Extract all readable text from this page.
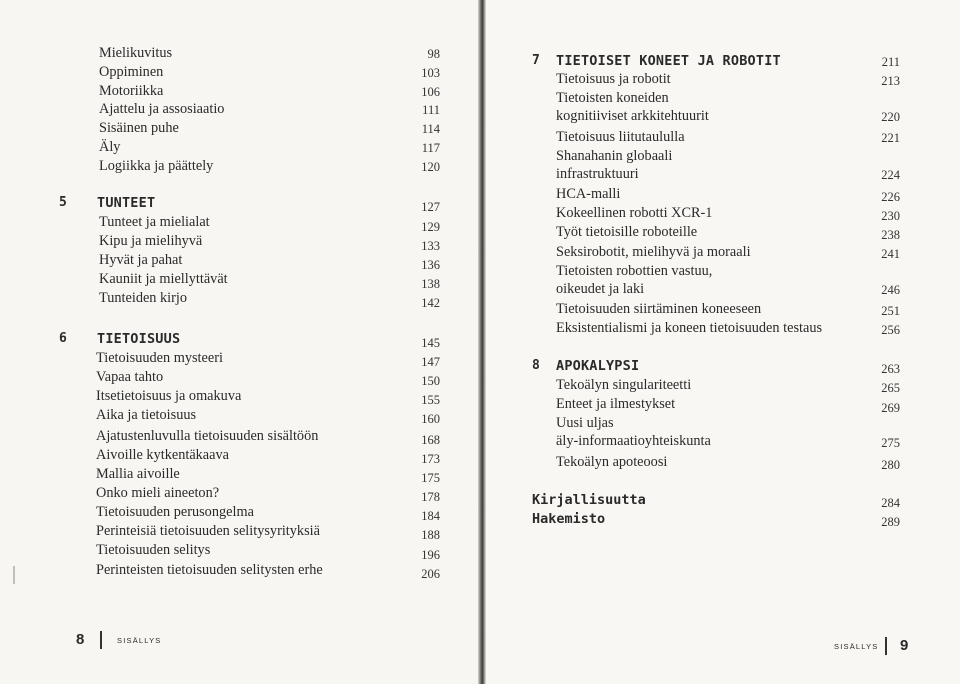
Mielikuvitus	98
Oppiminen	103
Motoriikka	106
Ajattelu ja assosiaatio	111
Sisäinen puhe	114
Äly	117
Logiikka ja päättely	120
5 TUNTEET	127
Tunteet ja mielialat	129
Kipu ja mielihyvä	133
Hyvät ja pahat	136
Kauniit ja miellyttävät	138
Tunteiden kirjo	142
6 TIETOISUUS	145
Tietoisuuden mysteeri	147
Vapaa tahto	150
Itsetietoisuus ja omakuva	155
Aika ja tietoisuus	160
Ajatustenluvulla tietoisuuden sisältöön	168
Aivoille kytkentäkaava	173
Mallia aivoille	175
Onko mieli aineeton?	178
Tietoisuuden perusongelma	184
Perinteisiä tietoisuuden selitysyrityksiä	188
Tietoisuuden selitys	196
Perinteisten tietoisuuden selitysten erhe	206
8	SISÄLLYS
7 TIETOISET KONEET JA ROBOTIT	211
Tietoisuus ja robotit	213
Tietoisten koneiden
kognitiiviset arkkitehtuurit	220
Tietoisuus liitutaululla	221
Shanahanin globaali
infrastruktuuri	224
HCA-malli	226
Kokeellinen robotti XCR-1	230
Työt tietoisille roboteille	238
Seksirobotit, mielihyvä ja moraali	241
Tietoisten robottien vastuu,
oikeudet ja laki	246
Tietoisuuden siirtäminen koneeseen	251
Eksistentialismi ja koneen tietoisuuden testaus	256
8 APOKALYPSI	263
Tekoälyn singulariteetti	265
Enteet ja ilmestykset	269
Uusi uljas
äly-informaatioyhteiskunta	275
Tekoälyn apoteoosi	280
Kirjallisuutta	284
Hakemisto	289
SISÄLLYS 9
